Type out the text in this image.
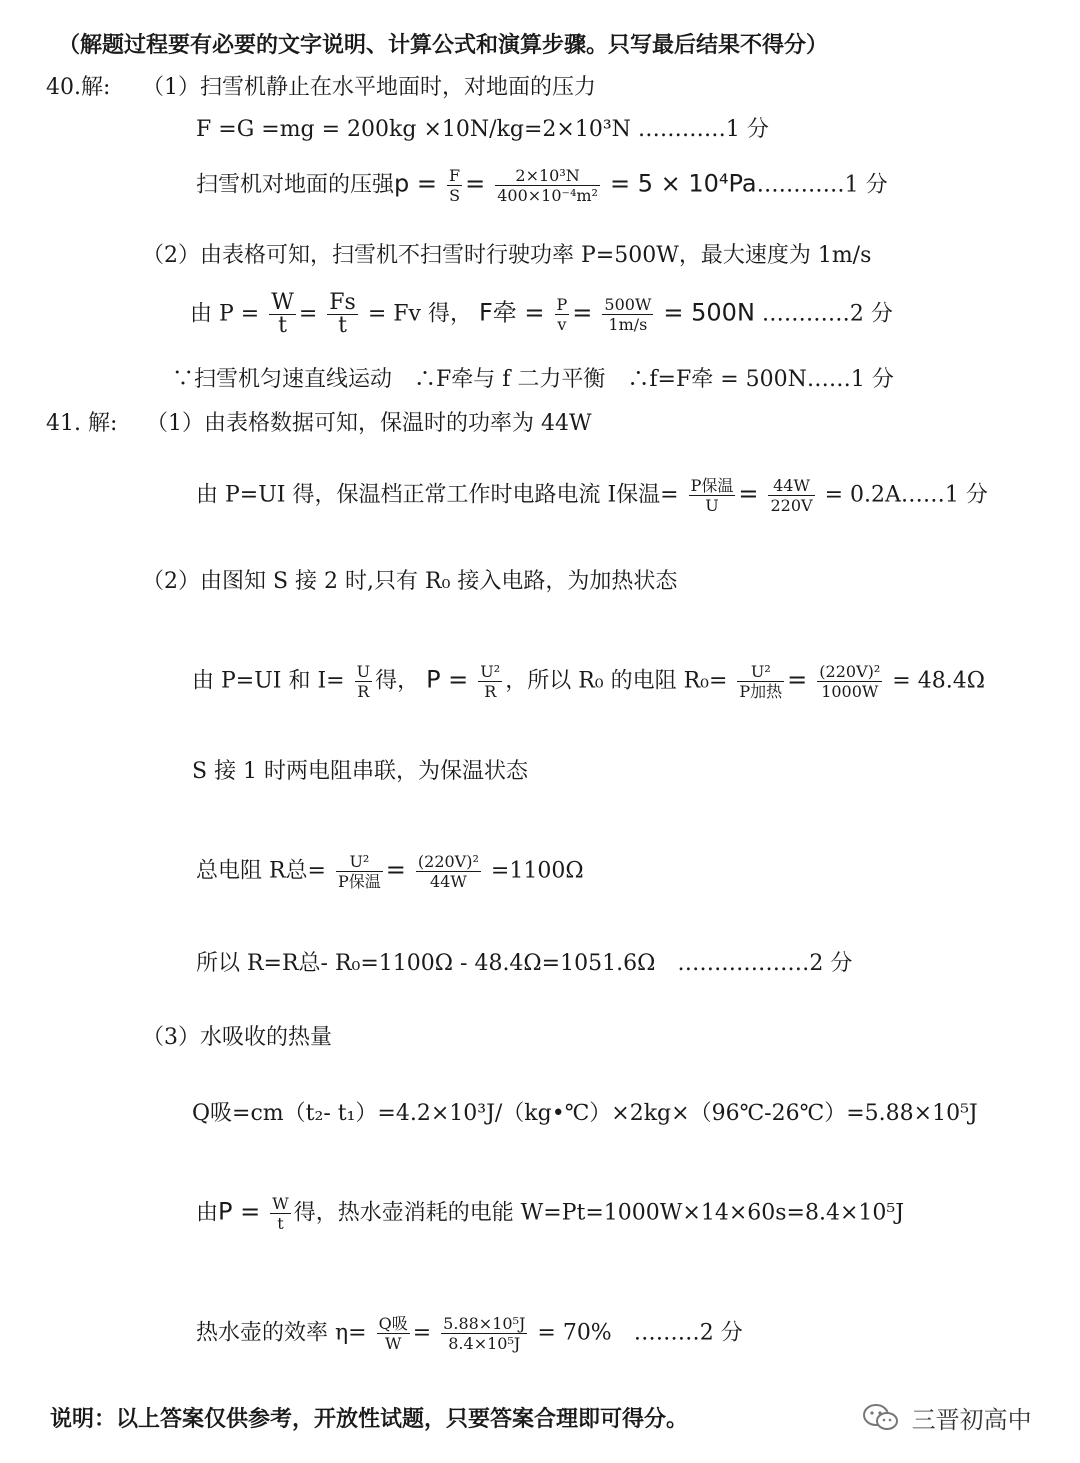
（解题过程要有必要的文字说明、计算公式和演算步骤。只写最后结果不得分）
40.解: （1）扫雪机静止在水平地面时，对地面的压力
F =G =mg = 200kg ×10N/kg=2×10³N …………1 分
扫雪机对地面的压强$p = \frac{F}{S} = \frac{\text{2×10³N}}{\text{400×10⁻⁴m²}} = 5$ × 10⁴Pa…………1 分
（2）由表格可知，扫雪机不扫雪时行驶功率 P=500W，最大速度为 1m/s
由 $P = \frac{W}{t} = \frac{Fs}{t} = Fv$ 得， F牵 = $\frac{P}{v} = \frac{500W}{1m/s} = 500N$ …………2 分
∵扫雪机匀速直线运动　∴F牵与 f 二力平衡　∴f=F牵 = 500N……1 分
41. 解: （1）由表格数据可知，保温时的功率为 44W
由 P=UI 得，保温档正常工作时电路电流 I保温= $\frac{\text{P保温}}{U} = \frac{44W}{220V}$ = 0.2A……1 分
（2）由图知 S 接 2 时,只有 R₀ 接入电路，为加热状态
由 P=UI 和 $I= \frac{U}{R}$ 得， $P = \frac{\text{U²}}{R}$ ，所以 R₀ 的电阻 $R_0= \frac{\text{U²}}{\text{P加热}} = \frac{\text{(220V)²}}{1000W} = 48.4\Omega$
S 接 1 时两电阻串联，为保温状态
总电阻 R总= $\frac{\text{U²}}{\text{P保温}} = \frac{\text{(220V)²}}{44W} =1100\Omega$
所以 R=R总- R₀=1100Ω - 48.4Ω=1051.6Ω　………………2 分
（3）水吸收的热量
Q吸=cm（t₂- t₁）=4.2×10³J/（kg•℃）×2kg×（96℃-26℃）=5.88×10⁵J
由$P = \frac{W}{t}$ 得，热水壶消耗的电能 W=Pt=1000W×14×60s=8.4×10⁵J
热水壶的效率 $\eta= \frac{\text{Q吸}}{W} = \frac{\text{5.88×10⁵J}}{\text{8.4×10⁵J}} = 70\%$　………2 分
说明：以上答案仅供参考，开放性试题，只要答案合理即可得分。	三晋初高中
